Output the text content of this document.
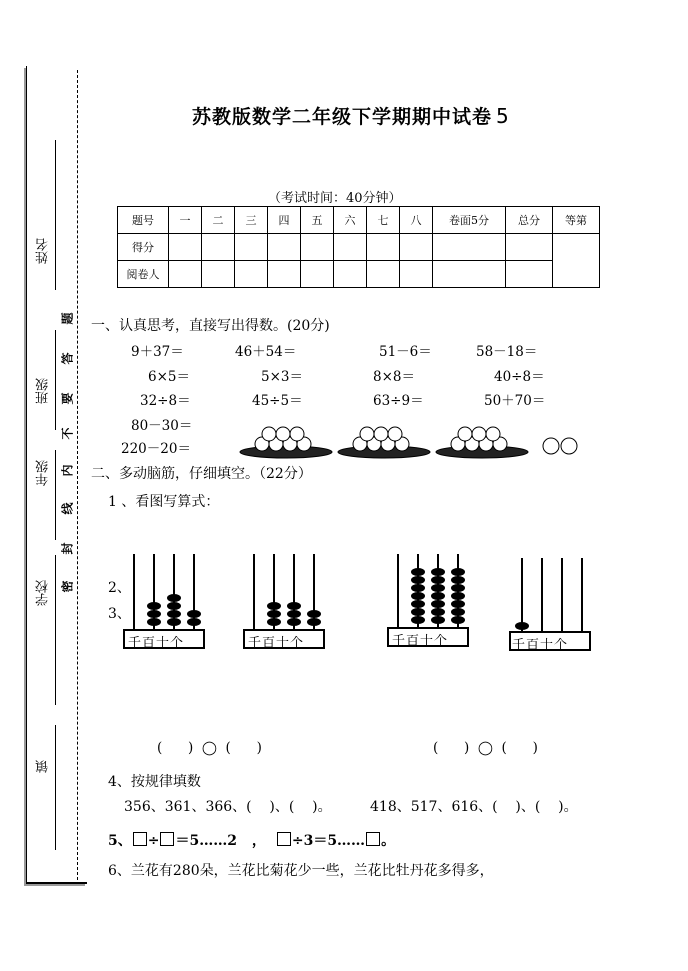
姓名
班级
年级
学校
镇
题
答
要
不
内
线
封
密
苏教版数学二年级下学期期中试卷 5
（考试时间：40分钟）
题号	一	二	三	四	五	六	七	八	卷面5分	总分	等第
得分											
阅卷人											
一、认真思考，直接写出得数。(20分)
9＋37＝	46＋54＝	51－6＝	58－18＝
6×5＝	5×3＝	8×8＝	40÷8＝
32÷8＝	45÷5＝	63÷9＝	50＋70＝
80－30＝
220－20＝
二、多动脑筋，仔细填空。（22分）
1 、看图写算式：
2、
3、
千百十个	千百十个	千百十个	千百十个
(      )  ◯  (      )	(      )  ◯  (      )
4、按规律填数
356、361、366、(    )、(    )。	418、517、616、(    )、(    )。
5、 ÷ ＝5……2 ， ÷3＝5…… 。
6、兰花有280朵，兰花比菊花少一些，兰花比牡丹花多得多，
